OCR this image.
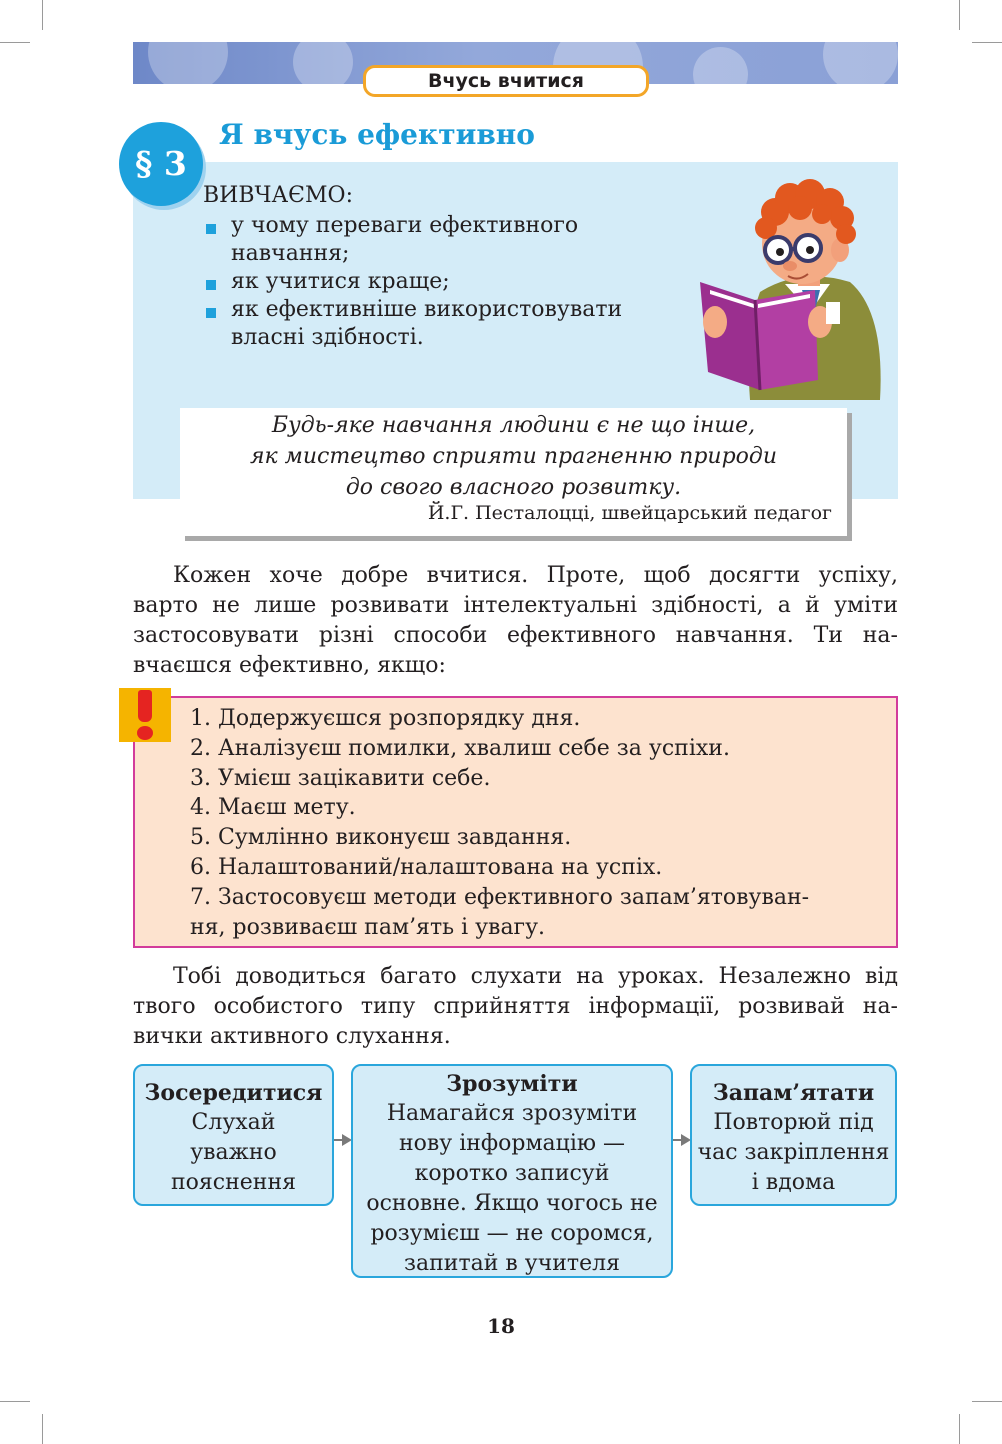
Вчусь вчитися
§ 3
Я вчусь ефективно
ВИВЧАЄМО:
у чому переваги ефективного
навчання;
як учитися краще;
як ефективніше використовувати
власні здібності.
Будь-яке навчання людини є не що інше,
як мистецтво сприяти прагненню природи
до свого власного розвитку.
Й.Г. Песталоцці, швейцарський педагог

Кожен хоче добре вчитися. Проте, щоб досягти успіху,
варто не лише розвивати інтелектуальні здібності, а й уміти
застосовувати різні способи ефективного навчання. Ти на-
вчаєшся ефективно, якщо:

1. Додержуєшся розпорядку дня.
2. Аналізуєш помилки, хвалиш себе за успіхи.
3. Умієш зацікавити себе.
4. Маєш мету.
5. Сумлінно виконуєш завдання.
6. Налаштований/налаштована на успіх.
7. Застосовуєш методи ефективного запам’ятовуван-
ня, розвиваєш пам’ять і увагу.

Тобі доводиться багато слухати на уроках. Незалежно від
твого особистого типу сприйняття інформації, розвивай на-
вички активного слухання.

Зосередитися
Слухай
уважно
пояснення
Зрозуміти
Намагайся зрозуміти
нову інформацію —
коротко записуй
основне. Якщо чогось не
розумієш — не соромся,
запитай в учителя
Запам’ятати
Повторюй під
час закріплення
і вдома
18
